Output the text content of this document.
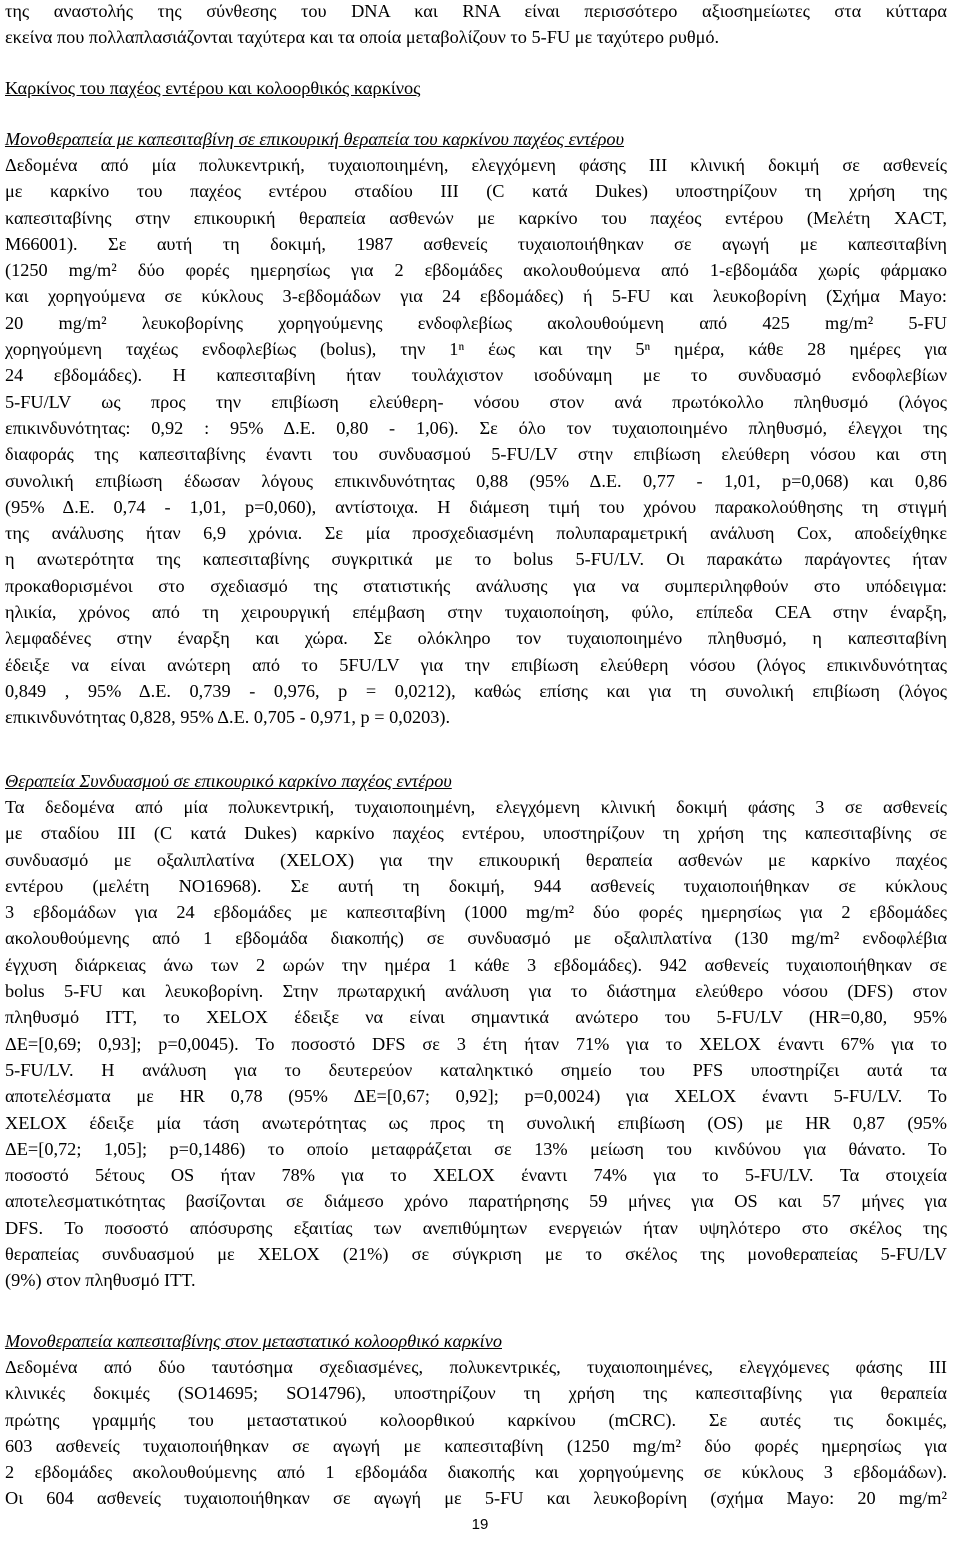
της αναστολής της σύνθεσης του DNA και RNA είναι περισσότερο αξιοσημείωτες στα κύτταρα
εκείνα που πολλαπλασιάζονται ταχύτερα και τα οποία μεταβολίζουν το 5-FU με ταχύτερο ρυθμό.
Καρκίνος του παχέος εντέρου και κολοορθικός καρκίνος
Μονοθεραπεία με καπεσιταβίνη σε επικουρική θεραπεία του καρκίνου παχέος εντέρου
Δεδομένα από μία πολυκεντρική, τυχαιοποιημένη, ελεγχόμενη φάσης ΙΙΙ κλινική δοκιμή σε ασθενείς
με καρκίνο του παχέος εντέρου σταδίου ΙΙΙ (C κατά Dukes) υποστηρίζουν τη χρήση της
καπεσιταβίνης στην επικουρική θεραπεία ασθενών με καρκίνο του παχέος εντέρου (Μελέτη XACT,
M66001). Σε αυτή τη δοκιμή, 1987 ασθενείς τυχαιοποιήθηκαν σε αγωγή με καπεσιταβίνη
(1250 mg/m² δύο φορές ημερησίως για 2 εβδομάδες ακολουθούμενα από 1-εβδομάδα χωρίς φάρμακο
και χορηγούμενα σε κύκλους 3-εβδομάδων για 24 εβδομάδες) ή 5-FU και λευκοβορίνη (Σχήμα Mayo:
20 mg/m² λευκοβορίνης χορηγούμενης ενδοφλεβίως ακολουθούμενη από 425 mg/m² 5-FU
χορηγούμενη ταχέως ενδοφλεβίως (bolus), την 1ⁿ έως και την 5ⁿ ημέρα, κάθε 28 ημέρες για
24 εβδομάδες). Η καπεσιταβίνη ήταν τουλάχιστον ισοδύναμη με το συνδυασμό ενδοφλεβίων
5-FU/LV ως προς την επιβίωση ελεύθερη- νόσου στον ανά πρωτόκολλο πληθυσμό (λόγος
επικινδυνότητας: 0,92 : 95% Δ.Ε. 0,80 - 1,06). Σε όλο τον τυχαιοποιημένο πληθυσμό, έλεγχοι της
διαφοράς της καπεσιταβίνης έναντι του συνδυασμού 5-FU/LV στην επιβίωση ελεύθερη νόσου και στη
συνολική επιβίωση έδωσαν λόγους επικινδυνότητας 0,88 (95% Δ.Ε. 0,77 - 1,01, p=0,068) και 0,86
(95% Δ.Ε. 0,74 - 1,01, p=0,060), αντίστοιχα. Η διάμεση τιμή του χρόνου παρακολούθησης τη στιγμή
της ανάλυσης ήταν 6,9 χρόνια. Σε μία προσχεδιασμένη πολυπαραμετρική ανάλυση Cox, αποδείχθηκε
η ανωτερότητα της καπεσιταβίνης συγκριτικά με το bolus 5-FU/LV. Οι παρακάτω παράγοντες ήταν
προκαθορισμένοι στο σχεδιασμό της στατιστικής ανάλυσης για να συμπεριληφθούν στο υπόδειγμα:
ηλικία, χρόνος από τη χειρουργική επέμβαση στην τυχαιοποίηση, φύλο, επίπεδα CEA στην έναρξη,
λεμφαδένες στην έναρξη και χώρα. Σε ολόκληρο τον τυχαιοποιημένο πληθυσμό, η καπεσιταβίνη
έδειξε να είναι ανώτερη από το 5FU/LV για την επιβίωση ελεύθερη νόσου (λόγος επικινδυνότητας
0,849 , 95% Δ.Ε. 0,739 - 0,976, p = 0,0212), καθώς επίσης και για τη συνολική επιβίωση (λόγος
επικινδυνότητας 0,828, 95% Δ.Ε. 0,705 - 0,971, p = 0,0203).
Θεραπεία Συνδυασμού σε επικουρικό καρκίνο παχέος εντέρου
Τα δεδομένα από μία πολυκεντρική, τυχαιοποιημένη, ελεγχόμενη κλινική δοκιμή φάσης 3 σε ασθενείς
με σταδίου ΙΙΙ (C κατά Dukes) καρκίνο παχέος εντέρου, υποστηρίζουν τη χρήση της καπεσιταβίνης σε
συνδυασμό με οξαλιπλατίνα (XELOX) για την επικουρική θεραπεία ασθενών με καρκίνο παχέος
εντέρου (μελέτη NO16968). Σε αυτή τη δοκιμή, 944 ασθενείς τυχαιοποιήθηκαν σε κύκλους
3 εβδομάδων για 24 εβδομάδες με καπεσιταβίνη (1000 mg/m² δύο φορές ημερησίως για 2 εβδομάδες
ακολουθούμενης από 1 εβδομάδα διακοπής) σε συνδυασμό με οξαλιπλατίνα (130 mg/m² ενδοφλέβια
έγχυση διάρκειας άνω των 2 ωρών την ημέρα 1 κάθε 3 εβδομάδες). 942 ασθενείς τυχαιοποιήθηκαν σε
bolus 5-FU και λευκοβορίνη. Στην πρωταρχική ανάλυση για το διάστημα ελεύθερο νόσου (DFS) στον
πληθυσμό ITT, το XELOX έδειξε να είναι σημαντικά ανώτερο του 5-FU/LV (HR=0,80, 95%
ΔΕ=[0,69; 0,93]; p=0,0045). Το ποσοστό DFS σε 3 έτη ήταν 71% για το XELOX έναντι 67% για το
5-FU/LV. Η ανάλυση για το δευτερεύον καταληκτικό σημείο του PFS υποστηρίζει αυτά τα
αποτελέσματα με HR 0,78 (95% ΔΕ=[0,67; 0,92]; p=0,0024) για XELOX έναντι 5-FU/LV. Το
XELOX έδειξε μία τάση ανωτερότητας ως προς τη συνολική επιβίωση (OS) με HR 0,87 (95%
ΔΕ=[0,72; 1,05]; p=0,1486) το οποίο μεταφράζεται σε 13% μείωση του κινδύνου για θάνατο. Το
ποσοστό 5έτους OS ήταν 78% για το XELOX έναντι 74% για το 5-FU/LV. Τα στοιχεία
αποτελεσματικότητας βασίζονται σε διάμεσο χρόνο παρατήρησης 59 μήνες για OS και 57 μήνες για
DFS. Το ποσοστό απόσυρσης εξαιτίας των ανεπιθύμητων ενεργειών ήταν υψηλότερο στο σκέλος της
θεραπείας συνδυασμού με XELOX (21%) σε σύγκριση με το σκέλος της μονοθεραπείας 5-FU/LV
(9%) στον πληθυσμό ITT.
Μονοθεραπεία καπεσιταβίνης στον μεταστατικό κολοορθικό καρκίνο
Δεδομένα από δύο ταυτόσημα σχεδιασμένες, πολυκεντρικές, τυχαιοποιημένες, ελεγχόμενες φάσης ΙΙΙ
κλινικές δοκιμές (SO14695; SO14796), υποστηρίζουν τη χρήση της καπεσιταβίνης για θεραπεία
πρώτης γραμμής του μεταστατικού κολοορθικού καρκίνου (mCRC). Σε αυτές τις δοκιμές,
603 ασθενείς τυχαιοποιήθηκαν σε αγωγή με καπεσιταβίνη (1250 mg/m² δύο φορές ημερησίως για
2 εβδομάδες ακολουθούμενης από 1 εβδομάδα διακοπής και χορηγούμενης σε κύκλους 3 εβδομάδων).
Οι 604 ασθενείς τυχαιοποιήθηκαν σε αγωγή με 5-FU και λευκοβορίνη (σχήμα Mayo: 20 mg/m²
19
